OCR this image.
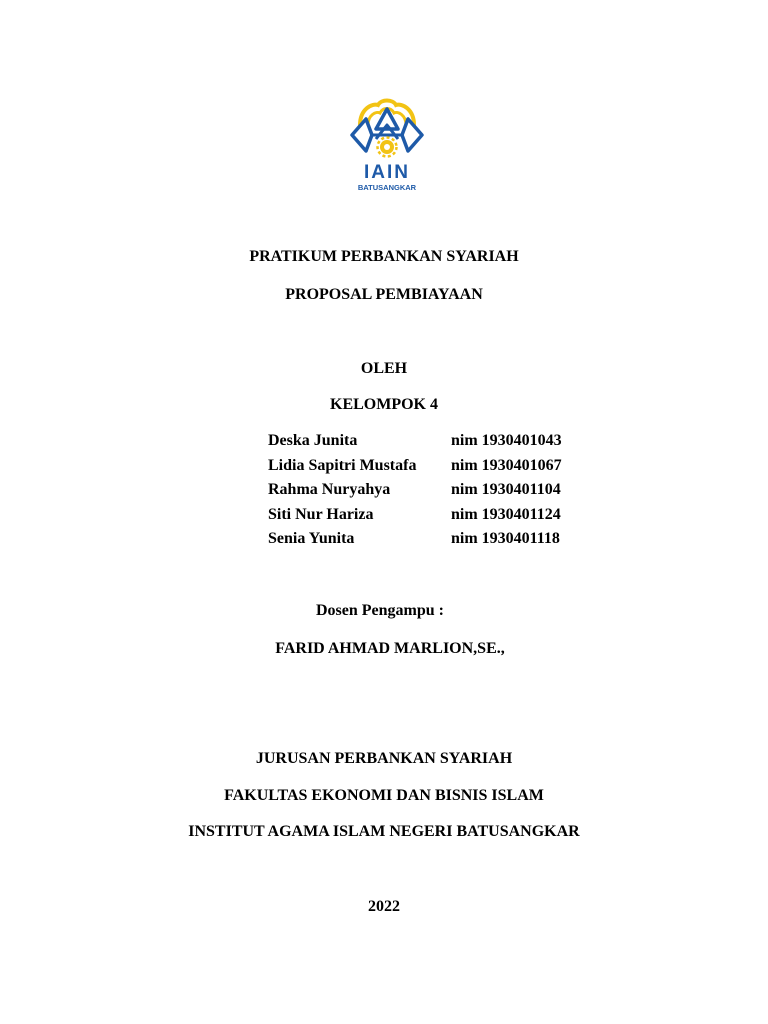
IAIN
BATUSANGKAR
PRATIKUM PERBANKAN SYARIAH
PROPOSAL PEMBIAYAAN
OLEH
KELOMPOK 4
Deska Junita	nim 1930401043
Lidia Sapitri Mustafa	nim 1930401067
Rahma Nuryahya	nim 1930401104
Siti Nur Hariza	nim 1930401124
Senia Yunita	nim 1930401118
Dosen Pengampu :
FARID AHMAD MARLION,SE.,
JURUSAN PERBANKAN SYARIAH
FAKULTAS EKONOMI DAN BISNIS ISLAM
INSTITUT AGAMA ISLAM NEGERI BATUSANGKAR
2022
